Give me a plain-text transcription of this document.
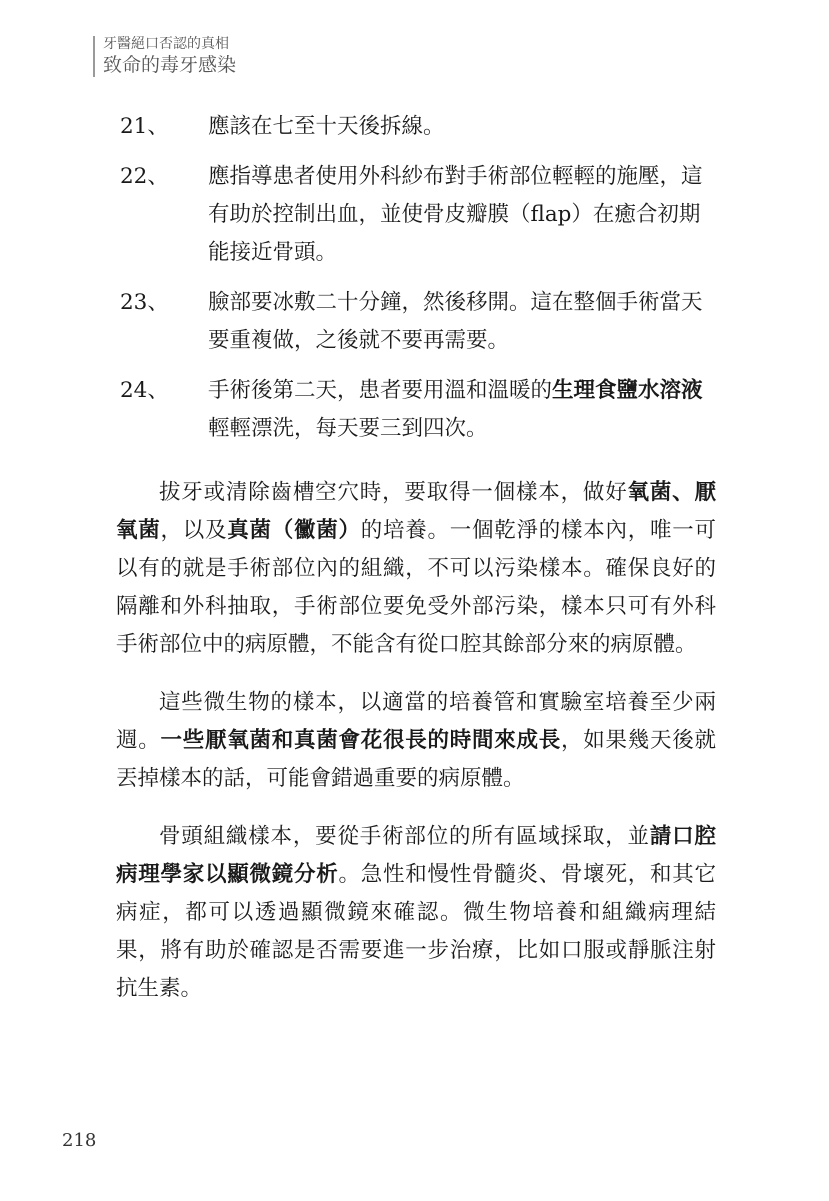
牙醫絕口否認的真相
致命的毒牙感染
21、 應該在七至十天後拆線。
22、 應指導患者使用外科紗布對手術部位輕輕的施壓，這有助於控制出血，並使骨皮瓣膜（flap）在癒合初期能接近骨頭。
23、 臉部要冰敷二十分鐘，然後移開。這在整個手術當天要重複做，之後就不要再需要。
24、 手術後第二天，患者要用溫和溫暖的生理食鹽水溶液輕輕漂洗，每天要三到四次。

拔牙或清除齒槽空穴時，要取得一個樣本，做好氧菌、厭氧菌，以及真菌（黴菌）的培養。一個乾淨的樣本內，唯一可以有的就是手術部位內的組織，不可以污染樣本。確保良好的隔離和外科抽取，手術部位要免受外部污染，樣本只可有外科手術部位中的病原體，不能含有從口腔其餘部分來的病原體。

這些微生物的樣本，以適當的培養管和實驗室培養至少兩週。一些厭氧菌和真菌會花很長的時間來成長，如果幾天後就丟掉樣本的話，可能會錯過重要的病原體。

骨頭組織樣本，要從手術部位的所有區域採取，並請口腔病理學家以顯微鏡分析。急性和慢性骨髓炎、骨壞死，和其它病症，都可以透過顯微鏡來確認。微生物培養和組織病理結果，將有助於確認是否需要進一步治療，比如口服或靜脈注射抗生素。

218
